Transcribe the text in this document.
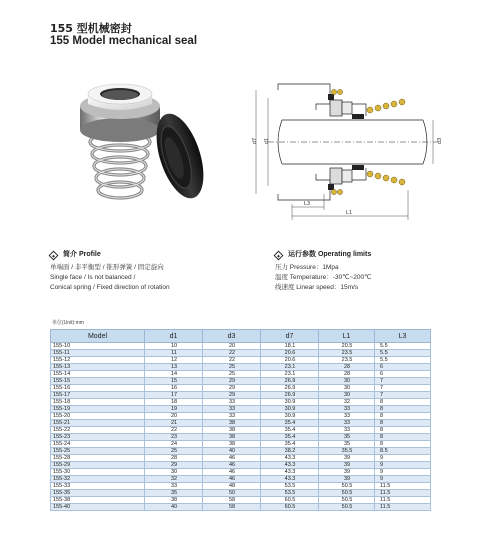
155 型机械密封
155 Model mechanical seal
d7 d1	d3
L3
L1
简介 Profile
单端面 / 非平衡型 / 锥形弹簧 / 固定旋向
Single face / Is not balanced /
Conical spring / Fixed direction of rotation
运行参数 Operating limits
压力 Pressure：1Mpa
温度 Temperature：-30℃~200℃
线速度 Linear speed：15m/s
单位(Unit):mm
Model	d1	d3	d7	L1	L3
155-10	10	20	18.1	20.5	5.5
155-11	11	22	20.6	23.5	5.5
155-12	12	22	20.6	23.5	5.5
155-13	13	25	23.1	28	6
155-14	14	25	23.1	28	6
155-15	15	29	26.9	30	7
155-16	16	29	26.9	30	7
155-17	17	29	26.9	30	7
155-18	18	33	30.9	32	8
155-19	19	33	30.9	33	8
155-20	20	33	30.9	33	8
155-21	21	38	35.4	33	8
155-22	22	38	35.4	33	8
155-23	23	38	35.4	35	8
155-24	24	38	35.4	35	8
155-25	25	40	38.2	35.5	8.5
155-28	28	46	43.3	39	9
155-29	29	46	43.3	39	9
155-30	30	46	43.3	39	9
155-32	32	46	43.3	39	9
155-33	33	48	53.5	50.5	11.5
155-35	35	50	53.5	50.5	11.5
155-38	38	58	60.5	50.5	11.5
155-40	40	58	60.5	50.5	11.5
